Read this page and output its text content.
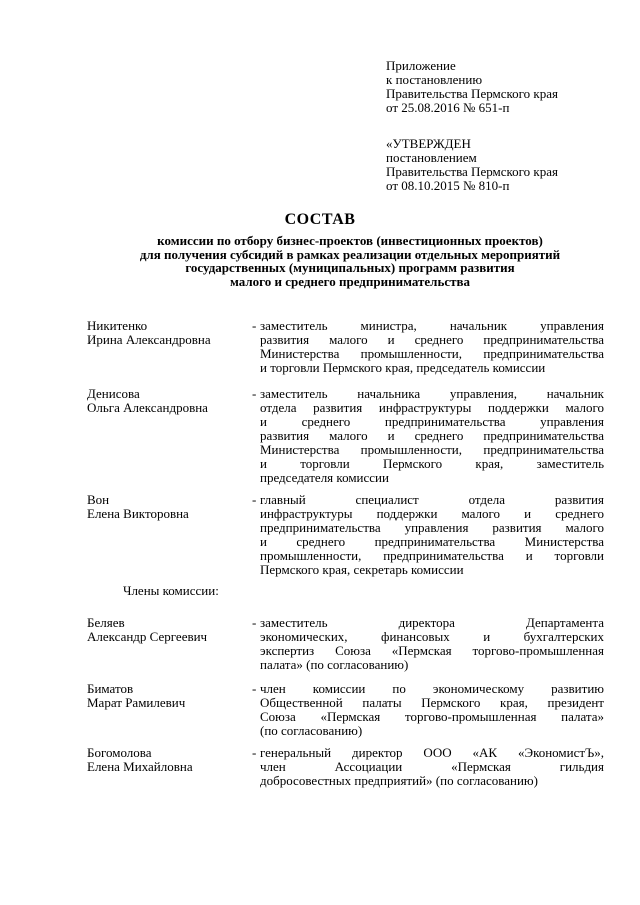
Приложение
к постановлению
Правительства Пермского края
от 25.08.2016 № 651-п
«УТВЕРЖДЕН
постановлением
Правительства Пермского края
от 08.10.2015 № 810-п
СОСТАВ
комиссии по отбору бизнес-проектов (инвестиционных проектов)
для получения субсидий в рамках реализации отдельных мероприятий
государственных (муниципальных) программ развития
малого и среднего предпринимательства
Никитенко
Ирина Александровна
- заместитель министра, начальник управления
развития малого и среднего предпринимательства
Министерства промышленности, предпринимательства
и торговли Пермского края, председатель комиссии
Денисова
Ольга Александровна
- заместитель начальника управления, начальник
отдела развития инфраструктуры поддержки малого
и среднего предпринимательства управления
развития малого и среднего предпринимательства
Министерства промышленности, предпринимательства
и торговли Пермского края, заместитель
председателя комиссии
Вон
Елена Викторовна
- главный специалист отдела развития
инфраструктуры поддержки малого и среднего
предпринимательства управления развития малого
и среднего предпринимательства Министерства
промышленности, предпринимательства и торговли
Пермского края, секретарь комиссии
Члены комиссии:
Беляев
Александр Сергеевич
- заместитель директора Департамента
экономических, финансовых и бухгалтерских
экспертиз Союза «Пермская торгово-промышленная
палата» (по согласованию)
Биматов
Марат Рамилевич
- член комиссии по экономическому развитию
Общественной палаты Пермского края, президент
Союза «Пермская торгово-промышленная палата»
(по согласованию)
Богомолова
Елена Михайловна
- генеральный директор ООО «АК «ЭкономистЪ»,
член Ассоциации «Пермская гильдия
добросовестных предприятий» (по согласованию)
